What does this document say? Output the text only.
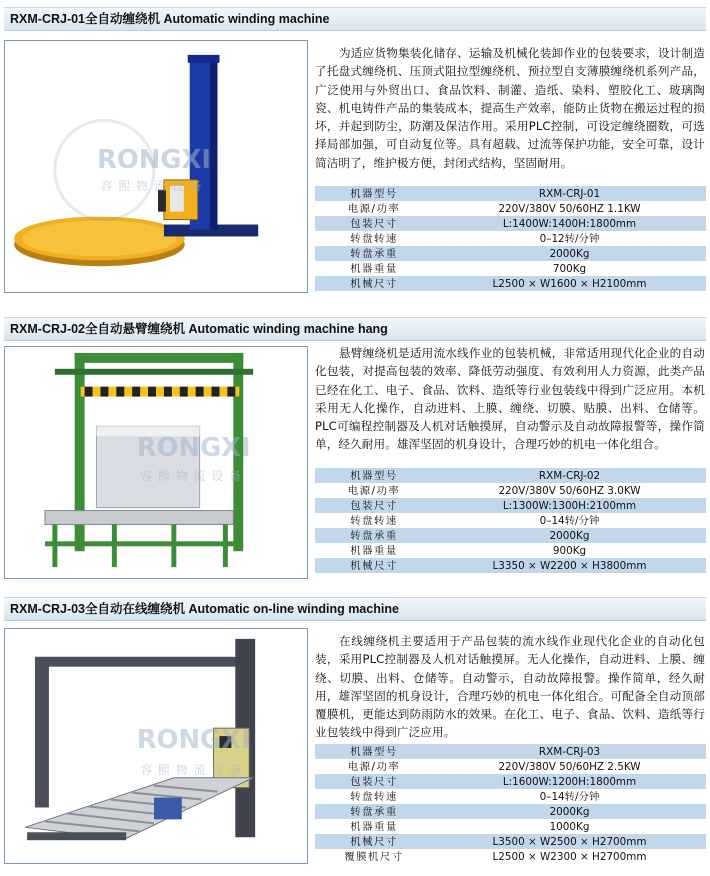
RXM-CRJ-01全自动缠绕机 Automatic winding machine
RONGXI
容熙物流设备

为适应货物集装化储存、运输及机械化装卸作业的包装要求，设计制造了托盘式缠绕机、压顶式阻拉型缠绕机、预拉型自支薄膜缠绕机系列产品，广泛使用与外贸出口、食品饮料、制灌、造纸、染料、塑胶化工、玻璃陶瓷、机电铸件产品的集装成本，提高生产效率，能防止货物在搬运过程的损坏，并起到防尘，防潮及保洁作用。采用PLC控制，可设定缠绕圈数，可选择局部加强，可自动复位等。具有超载、过流等保护功能，安全可靠，设计简洁明了，维护极方便，封闭式结构，坚固耐用。

机器型号	RXM-CRJ-01
电源/功率	220V/380V 50/60HZ 1.1KW
包装尺寸	L:1400W:1400H:1800mm
转盘转速	0–12转/分钟
转盘承重	2000Kg
机器重量	700Kg
机械尺寸	L2500 × W1600 × H2100mm
RXM-CRJ-02全自动悬臂缠绕机 Automatic winding machine hang
RONGXI
容熙物流设备

悬臂缠绕机是适用流水线作业的包装机械，非常适用现代化企业的自动化包装，对提高包装的效率、降低劳动强度、有效利用人力资源，此类产品已经在化工、电子、食品、饮料、造纸等行业包装线中得到广泛应用。本机采用无人化操作，自动进料、上膜、缠绕、切膜、贴膜、出料、仓储等。PLC可编程控制器及人机对话触摸屏，自动警示及自动故障报警等，操作简单，经久耐用。雄浑坚固的机身设计，合理巧妙的机电一体化组合。

机器型号	RXM-CRJ-02
电源/功率	220V/380V 50/60HZ 3.0KW
包装尺寸	L:1300W:1300H:2100mm
转盘转速	0–14转/分钟
转盘承重	2000Kg
机器重量	900Kg
机械尺寸	L3350 × W2200 × H3800mm
RXM-CRJ-03全自动在线缠绕机 Automatic on-line winding machine
RONGXI
容熙物流设备

在线缠绕机主要适用于产品包装的流水线作业现代化企业的自动化包装，采用PLC控制器及人机对话触摸屏。无人化操作，自动进料、上膜、缠绕、切膜、出料、仓储等。自动警示，自动故障报警。操作简单，经久耐用，雄浑坚固的机身设计，合理巧妙的机电一体化组合。可配备全自动顶部覆膜机，更能达到防雨防水的效果。在化工、电子、食品、饮料、造纸等行业包装线中得到广泛应用。

机器型号	RXM-CRJ-03
电源/功率	220V/380V 50/60HZ 2.5KW
包装尺寸	L:1600W:1200H:1800mm
转盘转速	0–14转/分钟
转盘承重	2000Kg
机器重量	1000Kg
机械尺寸	L3500 × W2500 × H2700mm
覆膜机尺寸	L2500 × W2300 × H2700mm
